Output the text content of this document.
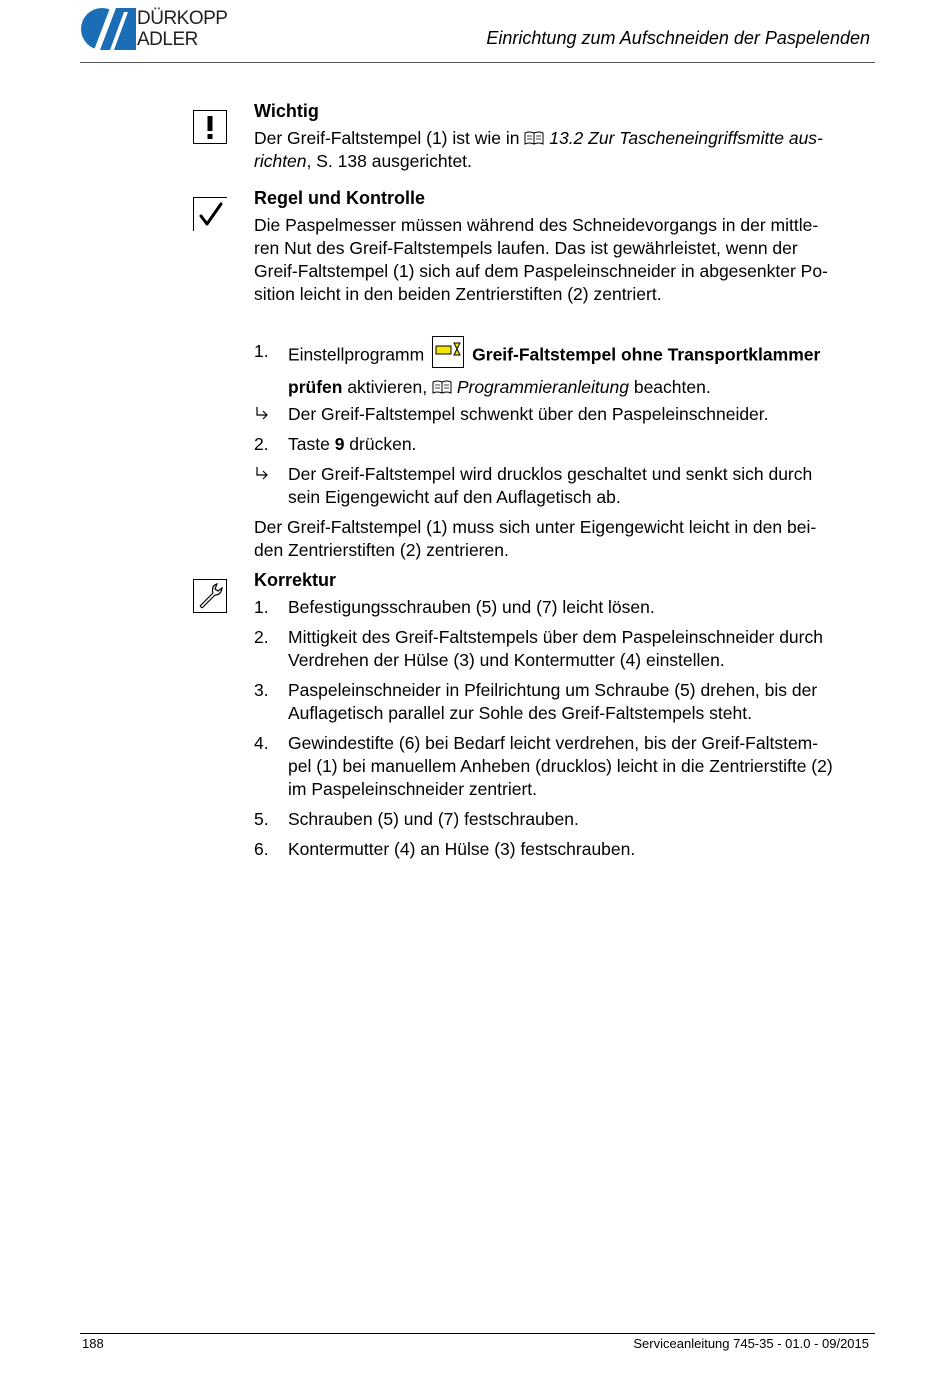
DÜRKOPP
ADLER	Einrichtung zum Aufschneiden der Paspelenden
Wichtig
Der Greif-Faltstempel (1) ist wie in 13.2 Zur Tascheneingriffsmitte aus-
richten, S. 138 ausgerichtet.
Regel und Kontrolle
Die Paspelmesser müssen während des Schneidevorgangs in der mittle-
ren Nut des Greif-Faltstempels laufen. Das ist gewährleistet, wenn der
Greif-Faltstempel (1) sich auf dem Paspeleinschneider in abgesenkter Po-
sition leicht in den beiden Zentrierstiften (2) zentriert.
1. Einstellprogramm	Greif-Faltstempel ohne Transportklammer

prüfen aktivieren,  Programmieranleitung beachten.
Der Greif-Faltstempel schwenkt über den Paspeleinschneider.
2. Taste 9 drücken.
Der Greif-Faltstempel wird drucklos geschaltet und senkt sich durch
sein Eigengewicht auf den Auflagetisch ab.
Der Greif-Faltstempel (1) muss sich unter Eigengewicht leicht in den bei-
den Zentrierstiften (2) zentrieren.
Korrektur
1. Befestigungsschrauben (5) und (7) leicht lösen.
2. Mittigkeit des Greif-Faltstempels über dem Paspeleinschneider durch
Verdrehen der Hülse (3) und Kontermutter (4) einstellen.
3. Paspeleinschneider in Pfeilrichtung um Schraube (5) drehen, bis der
Auflagetisch parallel zur Sohle des Greif-Faltstempels steht.
4. Gewindestifte (6) bei Bedarf leicht verdrehen, bis der Greif-Faltstem-
pel (1) bei manuellem Anheben (drucklos) leicht in die Zentrierstifte (2)
im Paspeleinschneider zentriert.
5. Schrauben (5) und (7) festschrauben.
6. Kontermutter (4) an Hülse (3) festschrauben.
188	Serviceanleitung 745-35 - 01.0 - 09/2015
